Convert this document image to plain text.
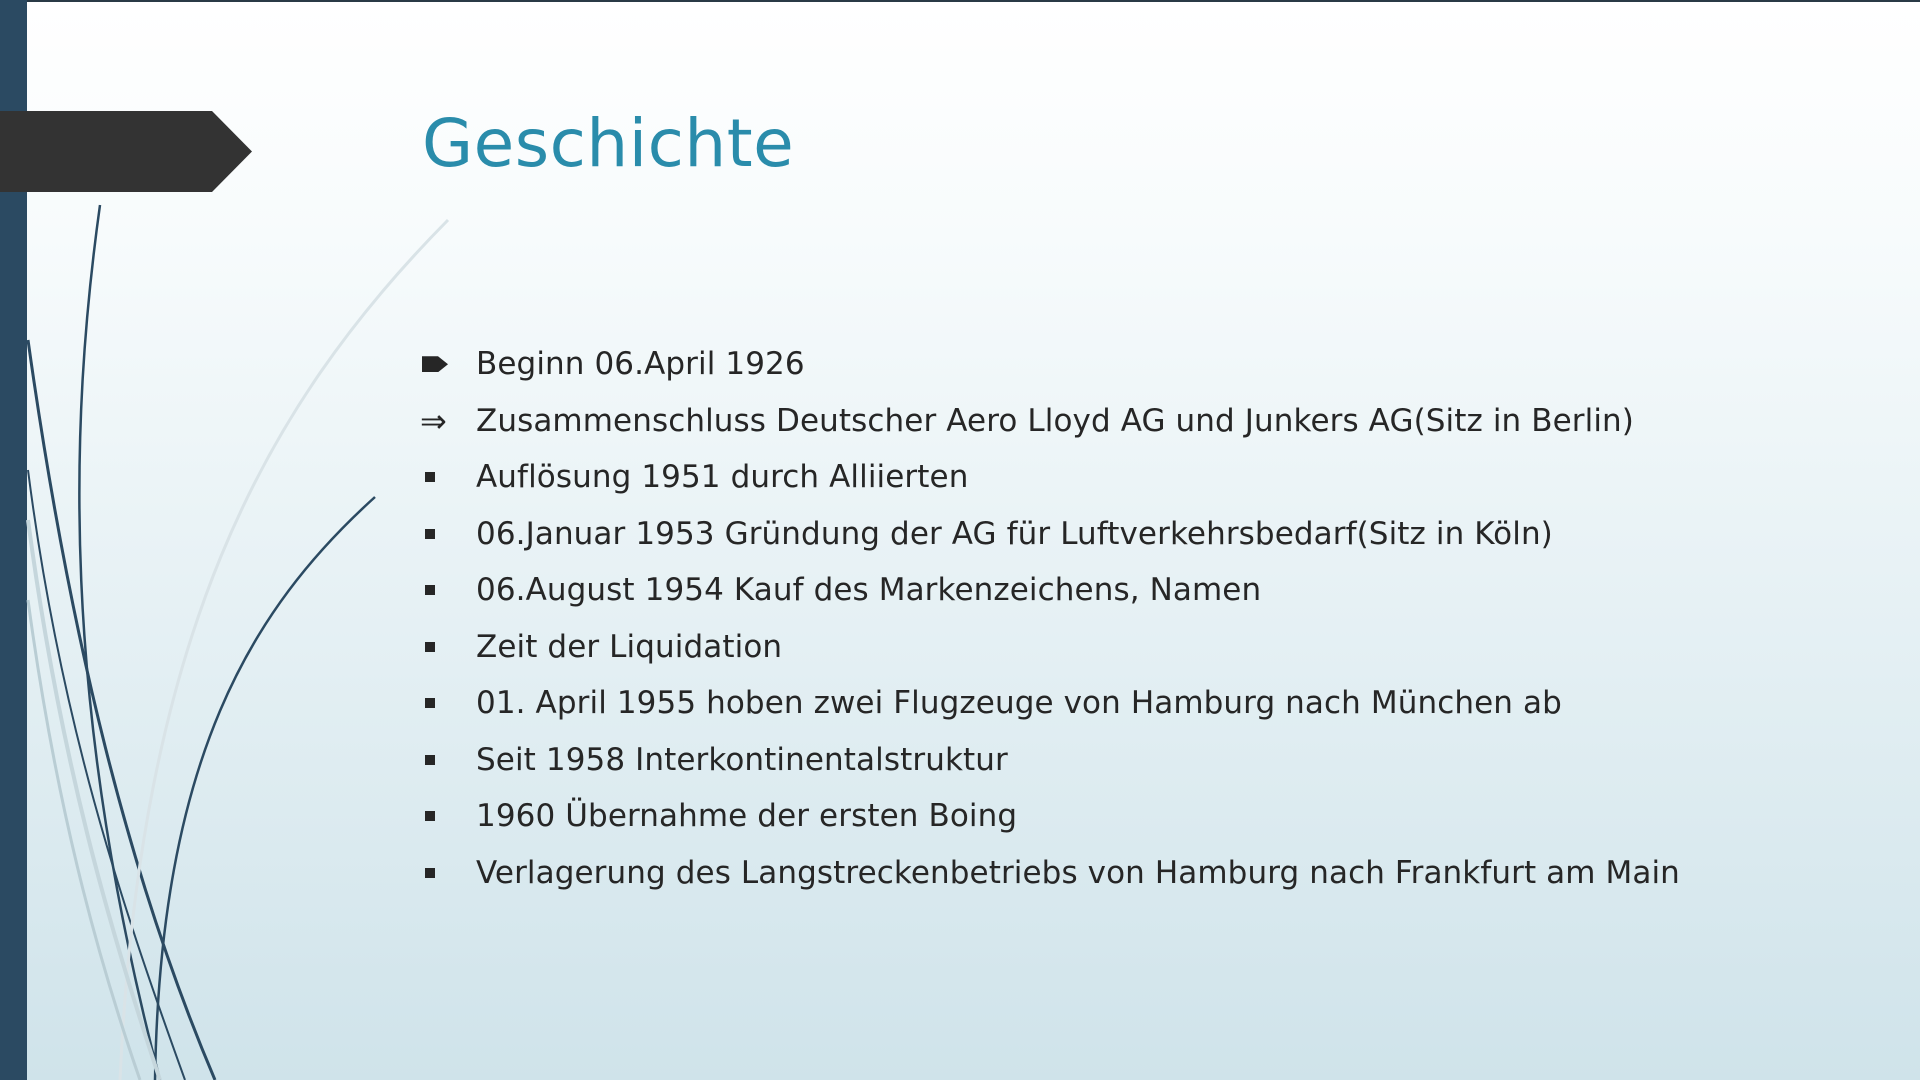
Geschichte
Beginn 06.April 1926
⇒ Zusammenschluss Deutscher Aero Lloyd AG und Junkers AG(Sitz in Berlin)
Auflösung 1951 durch Alliierten
06.Januar 1953 Gründung der AG für Luftverkehrsbedarf(Sitz in Köln)
06.August 1954 Kauf des Markenzeichens, Namen
Zeit der Liquidation
01. April 1955 hoben zwei Flugzeuge von Hamburg nach München ab
Seit 1958 Interkontinentalstruktur
1960 Übernahme der ersten Boing
Verlagerung des Langstreckenbetriebs von Hamburg nach Frankfurt am Main
